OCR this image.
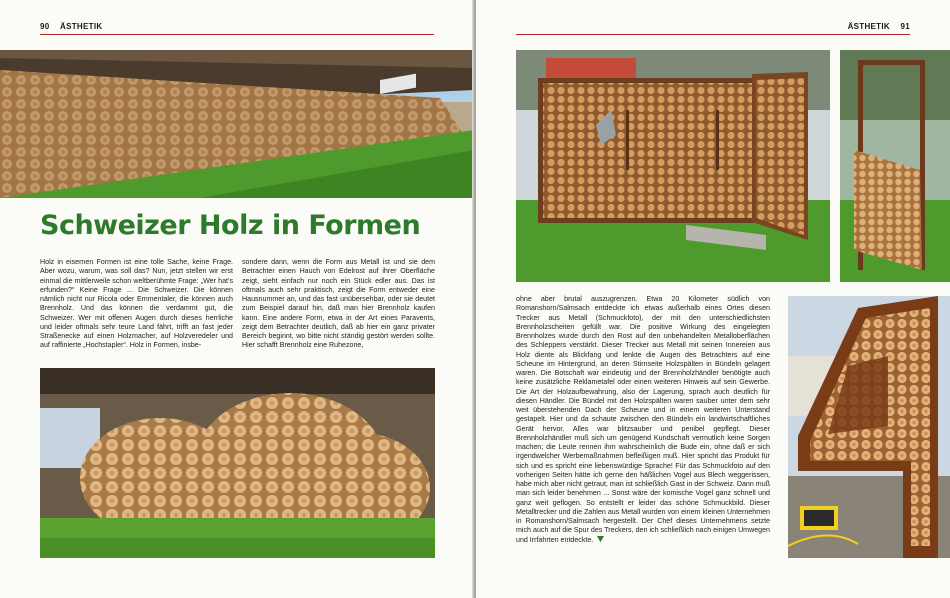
90 ÄSTHETIK
Schweizer Holz in Formen
Holz in eisernen Formen ist eine tolle Sache, keine Frage. Aber wozu, warum, was soll das? Nun, jetzt stellen wir erst einmal die mittlerweile schon weltberühmte Frage: „Wer hat’s erfunden?“ Keine Frage ... Die Schweizer. Die können nämlich nicht nur Ricola oder Emmentaler, die können auch Brennholz. Und das können die verdammt gut, die Schweizer. Wer mit offenen Augen durch dieses herrliche und leider oftmals sehr teure Land fährt, trifft an fast jeder Straßenecke auf einen Holzmacher, auf Holzveredeler und auf raffinierte „Hochstapler“. Holz in Formen, insbe-
sondere dann, wenn die Form aus Metall ist und sie dem Betrachter einen Hauch von Edelrost auf ihrer Oberfläche zeigt, sieht einfach nur noch ein Stück edler aus. Das ist oftmals auch sehr praktisch, zeigt die Form entweder eine Hausnummer an, und das fast unübersehbar, oder sie deutet zum Beispiel darauf hin, daß man hier Brennholz kaufen kann. Eine andere Form, etwa in der Art eines Paravents, zeigt dem Betrachter deutlich, daß ab hier ein ganz privater Bereich beginnt, wo bitte nicht ständig gestört werden sollte. Hier schafft Brennholz eine Ruhezone,
ÄSTHETIK 91
ohne aber brutal auszugrenzen. Etwa 20 Kilometer südlich von Romanshorn/Salmsach entdeckte ich etwas außerhalb eines Ortes diesen Trecker aus Metall (Schmuckfoto), der mit den unterschiedlichsten Brennholzscheiten gefüllt war. Die positive Wirkung des eingelegten Brennholzes wurde durch den Rost auf den unbehandelten Metalloberflächen des Schleppers verstärkt. Dieser Trecker aus Metall mit seinen Innereien aus Holz diente als Blickfang und lenkte die Augen des Betrachters auf eine Scheune im Hintergrund, an deren Stirnseite Holzspälten in Bündeln gelagert waren. Die Botschaft war eindeutig und der Brennholzhändler benötigte auch keine zusätzliche Reklametafel oder einen weiteren Hinweis auf sein Gewerbe. Die Art der Holzaufbewahrung, also der Lagerung, sprach auch deutlich für diesen Händler. Die Bündel mit den Holzspälten waren sauber unter dem sehr weit überstehenden Dach der Scheune und in einem weiteren Unterstand gestapelt. Hier und da schaute zwischen den Bündeln ein landwirtschaftliches Gerät hervor. Alles war blitzsauber und penibel gepflegt. Dieser Brennholzhändler muß sich um genügend Kundschaft vermutlich keine Sorgen machen; die Leute rennen ihm wahrscheinlich die Bude ein, ohne daß er sich irgendwelcher Werbemaßnahmen befleißigen muß. Hier spricht das Produkt für sich und es spricht eine liebenswürdige Sprache! Für das Schmuckfoto auf den vorherigen Seiten hätte ich gerne den häßlichen Vogel aus Blech weggerissen, habe mich aber nicht getraut, man ist schließlich Gast in der Schweiz. Dann muß man sich leider benehmen ... Sonst wäre der komische Vogel ganz schnell und ganz weit geflogen. So entstellt er leider das schöne Schmuckbild. Dieser Metalltrecker und die Zahlen aus Metall wurden von einem kleinen Unternehmen in Romanshorn/Salmsach hergestellt. Der Chef dieses Unternehmens setzte mich auch auf die Spur des Treckers, den ich schließlich nach einigen Umwegen und Irrfahrten entdeckte.
